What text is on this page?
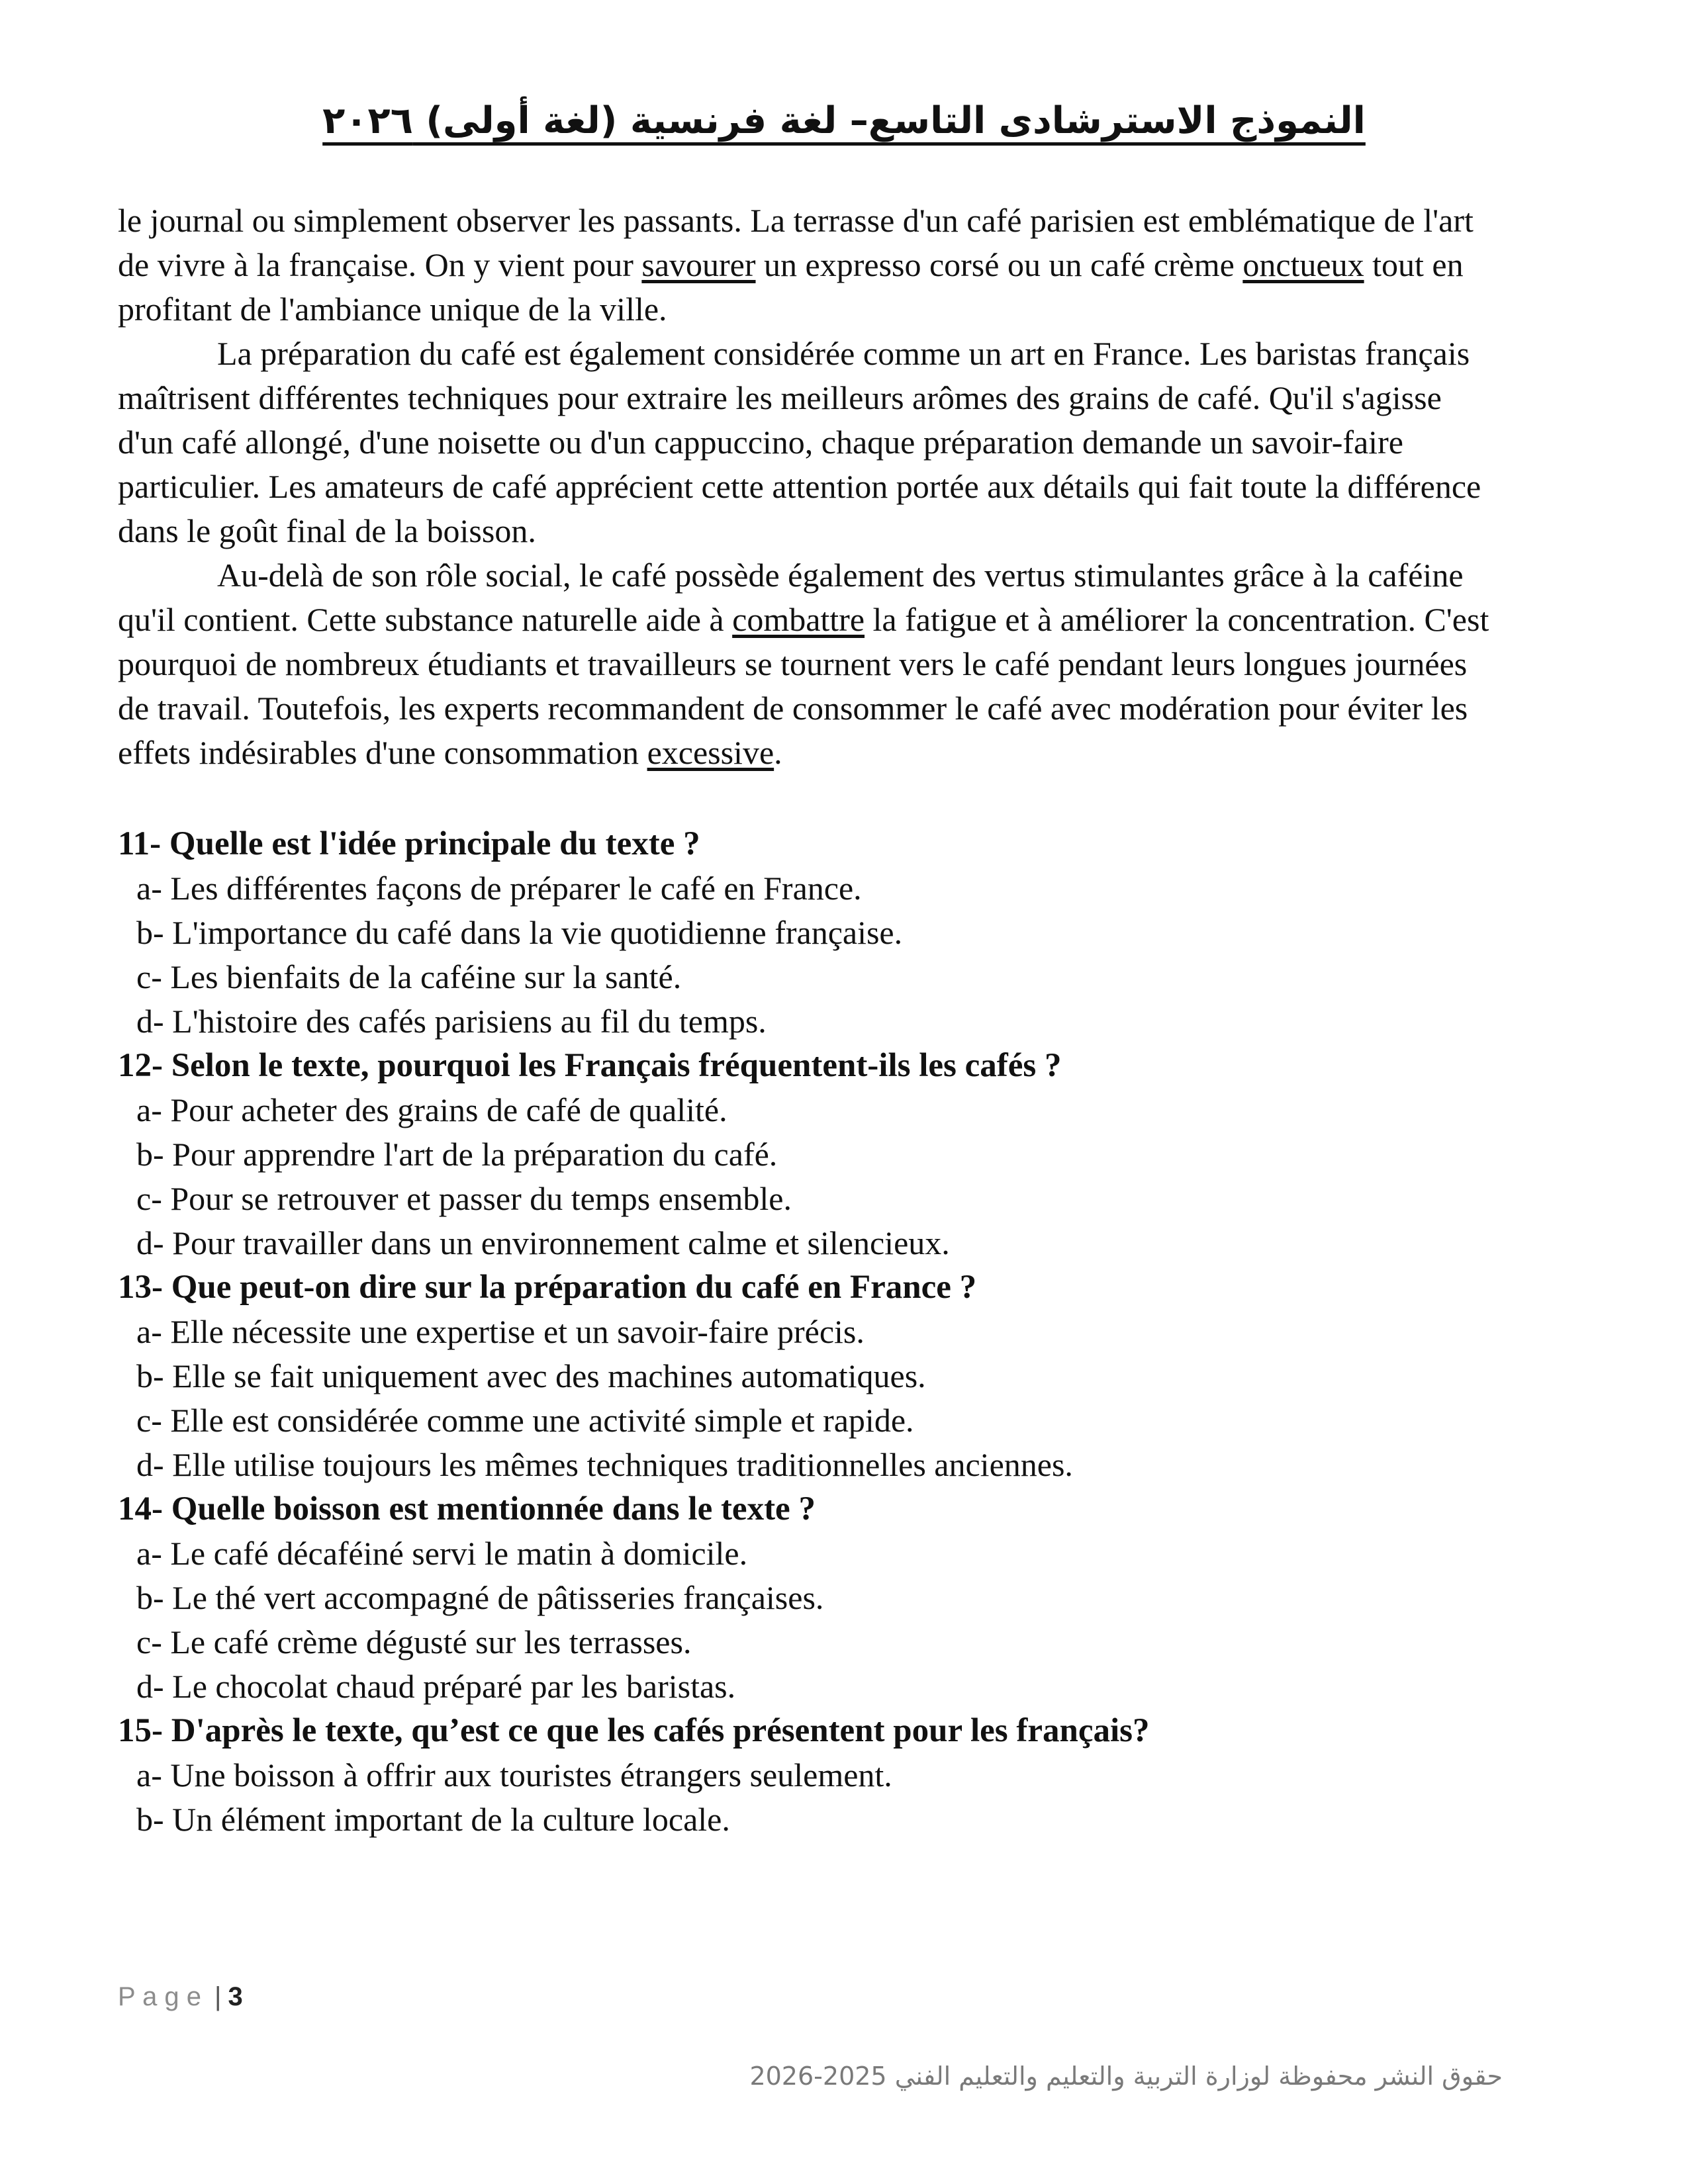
النموذج الاسترشادى التاسع– لغة فرنسية (لغة أولى) ٢٠٢٦

le journal ou simplement observer les passants. La terrasse d'un café parisien est emblématique de l'art de vivre à la française. On y vient pour savourer un expresso corsé ou un café crème onctueux tout en profitant de l'ambiance unique de la ville.

La préparation du café est également considérée comme un art en France. Les baristas français maîtrisent différentes techniques pour extraire les meilleurs arômes des grains de café. Qu'il s'agisse d'un café allongé, d'une noisette ou d'un cappuccino, chaque préparation demande un savoir-faire particulier. Les amateurs de café apprécient cette attention portée aux détails qui fait toute la différence dans le goût final de la boisson.

Au-delà de son rôle social, le café possède également des vertus stimulantes grâce à la caféine qu'il contient. Cette substance naturelle aide à combattre la fatigue et à améliorer la concentration. C'est pourquoi de nombreux étudiants et travailleurs se tournent vers le café pendant leurs longues journées de travail. Toutefois, les experts recommandent de consommer le café avec modération pour éviter les effets indésirables d'une consommation excessive.

11- Quelle est l'idée principale du texte ?

a- Les différentes façons de préparer le café en France.

b- L'importance du café dans la vie quotidienne française.

c- Les bienfaits de la caféine sur la santé.

d- L'histoire des cafés parisiens au fil du temps.

12- Selon le texte, pourquoi les Français fréquentent-ils les cafés ?

a- Pour acheter des grains de café de qualité.

b- Pour apprendre l'art de la préparation du café.

c- Pour se retrouver et passer du temps ensemble.

d- Pour travailler dans un environnement calme et silencieux.

13- Que peut-on dire sur la préparation du café en France ?

a- Elle nécessite une expertise et un savoir-faire précis.

b- Elle se fait uniquement avec des machines automatiques.

c- Elle est considérée comme une activité simple et rapide.

d- Elle utilise toujours les mêmes techniques traditionnelles anciennes.

14- Quelle boisson est mentionnée dans le texte ?

a- Le café décaféiné servi le matin à domicile.

b- Le thé vert accompagné de pâtisseries françaises.

c- Le café crème dégusté sur les terrasses.

d- Le chocolat chaud préparé par les baristas.

15- D'après le texte, qu’est ce que les cafés présentent pour les français?

a- Une boisson à offrir aux touristes étrangers seulement.

b- Un élément important de la culture locale.

P a g e | 3
حقوق النشر محفوظة لوزارة التربية والتعليم والتعليم الفني 2025-2026
